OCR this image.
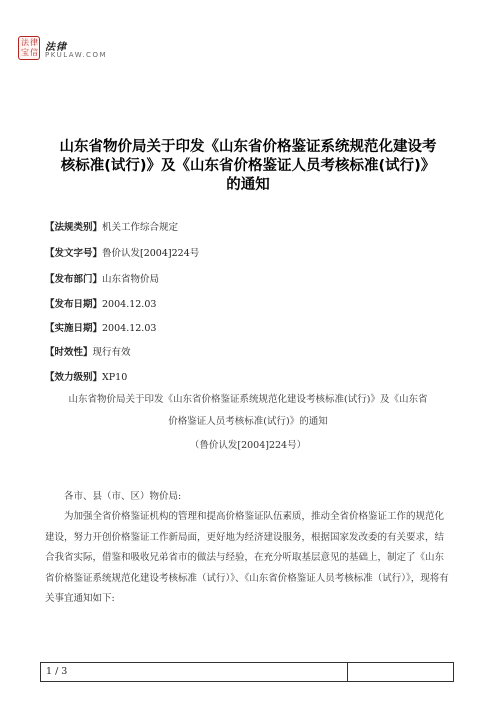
法 律
宝 信 法律
PKULAW.COM
山东省物价局关于印发《山东省价格鉴证系统规范化建设考
核标准(试行)》及《山东省价格鉴证人员考核标准(试行)》
的通知
【法规类别】机关工作综合规定
【发文字号】鲁价认发[2004]224号
【发布部门】山东省物价局
【发布日期】2004.12.03
【实施日期】2004.12.03
【时效性】现行有效
【效力级别】XP10
山东省物价局关于印发《山东省价格鉴证系统规范化建设考核标准(试行)》及《山东省
价格鉴证人员考核标准(试行)》的通知
（鲁价认发[2004]224号）
各市、县（市、区）物价局:
为加强全省价格鉴证机构的管理和提高价格鉴证队伍素质，推动全省价格鉴证工作的规范化建设，努力开创价格鉴证工作新局面，更好地为经济建设服务，根据国家发改委的有关要求，结合我省实际，借鉴和吸收兄弟省市的做法与经验，在充分听取基层意见的基础上，制定了《山东省价格鉴证系统规范化建设考核标准（试行）》、《山东省价格鉴证人员考核标准（试行）》，现将有关事宜通知如下:
1 / 3
